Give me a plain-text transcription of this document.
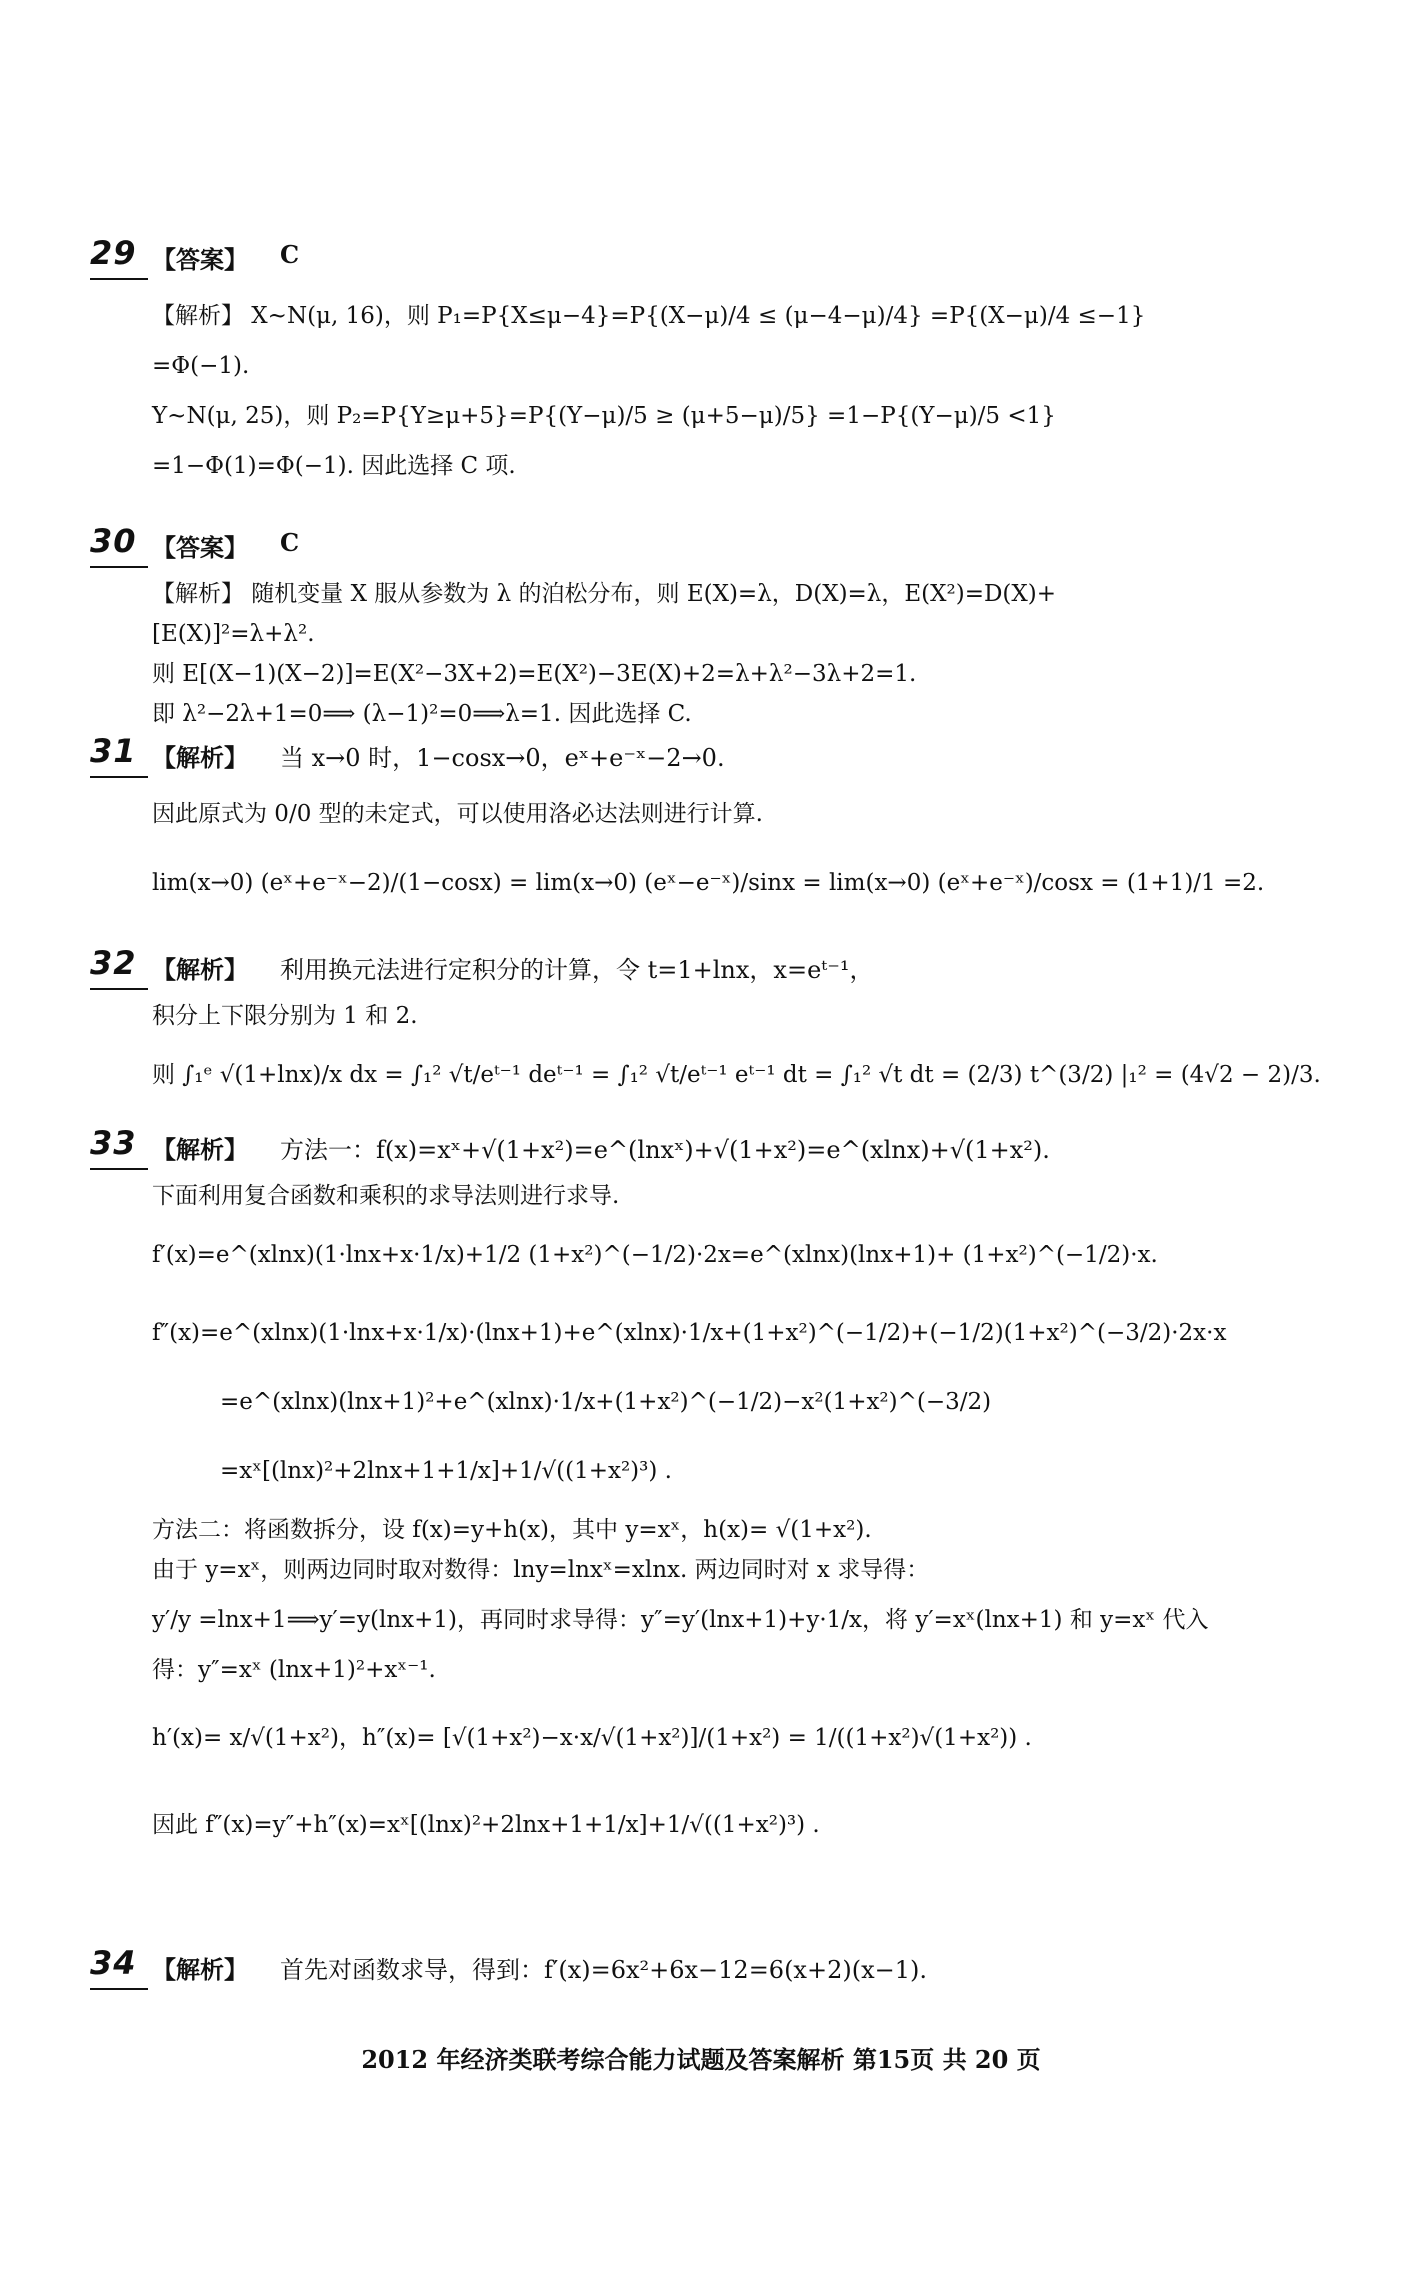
29 【答案】 C
【解析】 X~N(μ, 16)，则 P₁=P{X≤μ−4}=P{(X−μ)/4 ≤ (μ−4−μ)/4} =P{(X−μ)/4 ≤−1}
=Φ(−1).
Y~N(μ, 25)，则 P₂=P{Y≥μ+5}=P{(Y−μ)/5 ≥ (μ+5−μ)/5} =1−P{(Y−μ)/5 <1}
=1−Φ(1)=Φ(−1). 因此选择 C 项.
30 【答案】 C
【解析】 随机变量 X 服从参数为 λ 的泊松分布，则 E(X)=λ，D(X)=λ，E(X²)=D(X)+
[E(X)]²=λ+λ².
则 E[(X−1)(X−2)]=E(X²−3X+2)=E(X²)−3E(X)+2=λ+λ²−3λ+2=1.
即 λ²−2λ+1=0⟹ (λ−1)²=0⟹λ=1. 因此选择 C.
31 【解析】 当 x→0 时，1−cosx→0，eˣ+e⁻ˣ−2→0.
因此原式为 0/0 型的未定式，可以使用洛必达法则进行计算.
lim(x→0) (eˣ+e⁻ˣ−2)/(1−cosx) = lim(x→0) (eˣ−e⁻ˣ)/sinx = lim(x→0) (eˣ+e⁻ˣ)/cosx = (1+1)/1 =2.
32 【解析】 利用换元法进行定积分的计算，令 t=1+lnx，x=eᵗ⁻¹，
积分上下限分别为 1 和 2.
则 ∫₁ᵉ √(1+lnx)/x dx = ∫₁² √t/eᵗ⁻¹ deᵗ⁻¹ = ∫₁² √t/eᵗ⁻¹ eᵗ⁻¹ dt = ∫₁² √t dt = (2/3) t^(3/2) |₁² = (4√2 − 2)/3.
33 【解析】 方法一：f(x)=xˣ+√(1+x²)=e^(lnxˣ)+√(1+x²)=e^(xlnx)+√(1+x²).
下面利用复合函数和乘积的求导法则进行求导.
f′(x)=e^(xlnx)(1·lnx+x·1/x)+1/2 (1+x²)^(−1/2)·2x=e^(xlnx)(lnx+1)+ (1+x²)^(−1/2)·x.
f″(x)=e^(xlnx)(1·lnx+x·1/x)·(lnx+1)+e^(xlnx)·1/x+(1+x²)^(−1/2)+(−1/2)(1+x²)^(−3/2)·2x·x
=e^(xlnx)(lnx+1)²+e^(xlnx)·1/x+(1+x²)^(−1/2)−x²(1+x²)^(−3/2)
=xˣ[(lnx)²+2lnx+1+1/x]+1/√((1+x²)³) .
方法二：将函数拆分，设 f(x)=y+h(x)，其中 y=xˣ，h(x)= √(1+x²).
由于 y=xˣ，则两边同时取对数得：lny=lnxˣ=xlnx. 两边同时对 x 求导得：
y′/y =lnx+1⟹y′=y(lnx+1)，再同时求导得：y″=y′(lnx+1)+y·1/x，将 y′=xˣ(lnx+1) 和 y=xˣ 代入
得：y″=xˣ (lnx+1)²+xˣ⁻¹.
h′(x)= x/√(1+x²)，h″(x)= [√(1+x²)−x·x/√(1+x²)]/(1+x²) = 1/((1+x²)√(1+x²)) .
因此 f″(x)=y″+h″(x)=xˣ[(lnx)²+2lnx+1+1/x]+1/√((1+x²)³) .
34 【解析】 首先对函数求导，得到：f′(x)=6x²+6x−12=6(x+2)(x−1).
2012 年经济类联考综合能力试题及答案解析 第15页 共 20 页
